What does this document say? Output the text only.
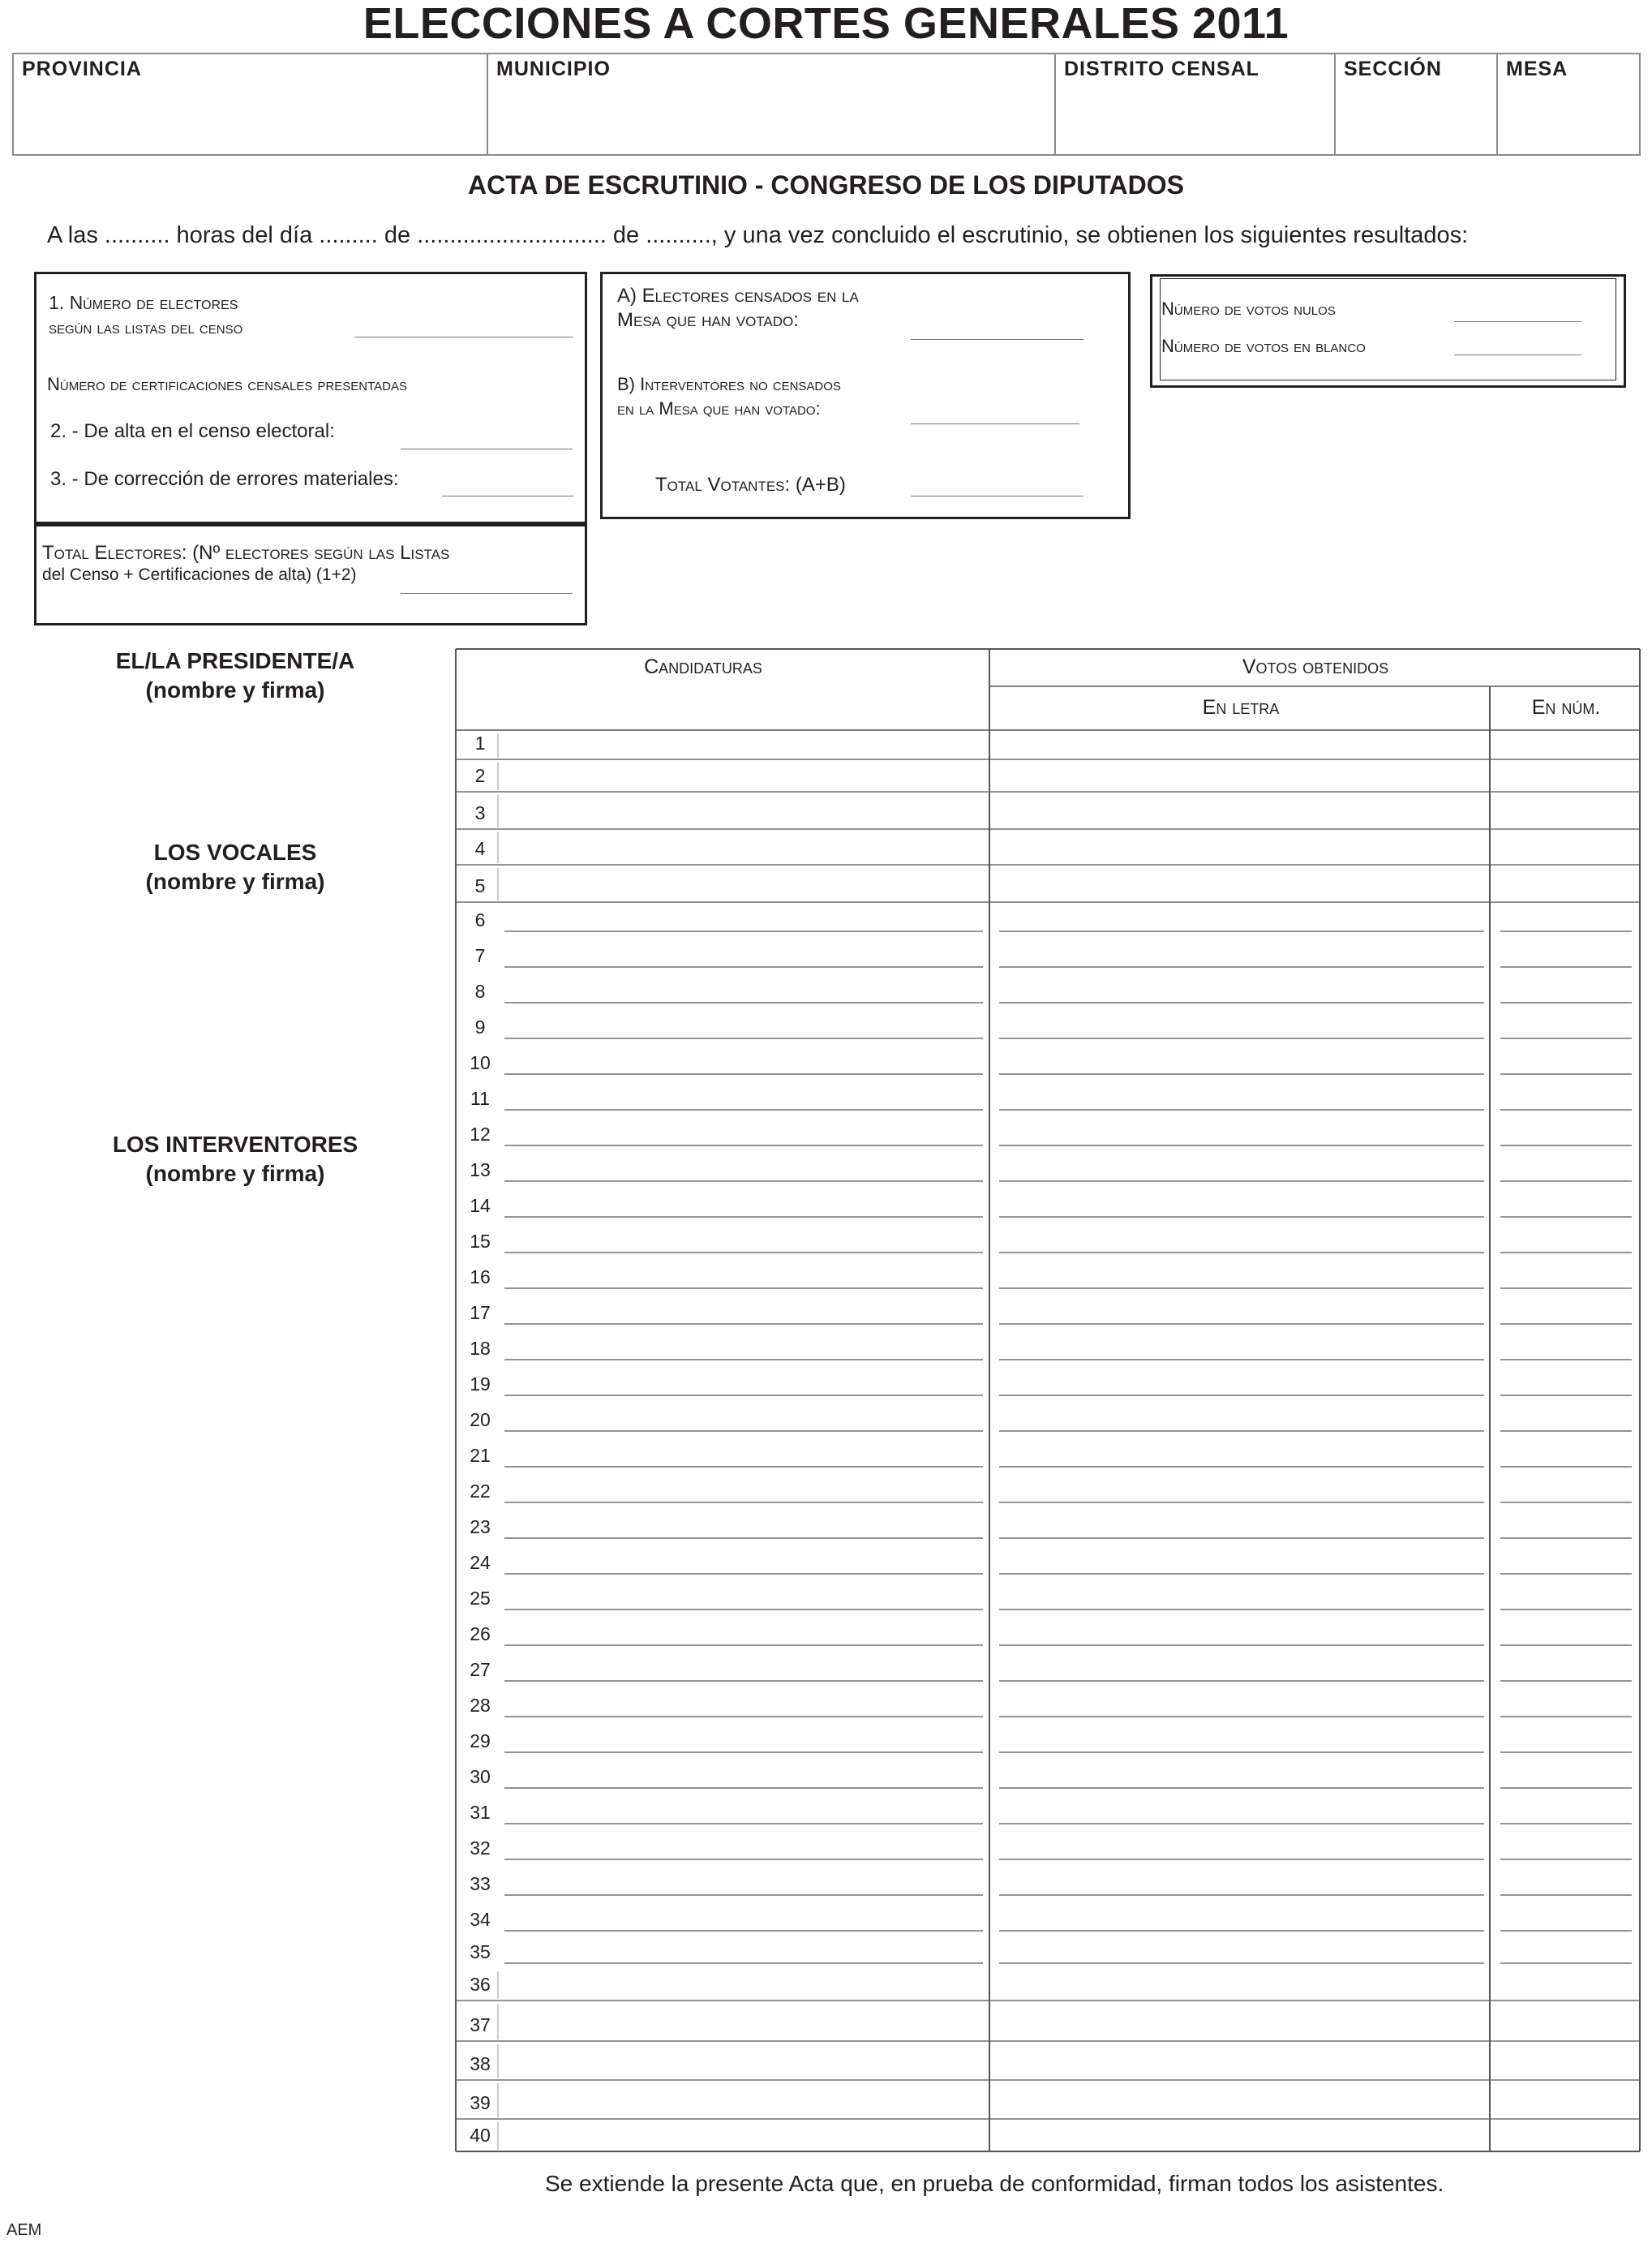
ELECCIONES A CORTES GENERALES 2011
PROVINCIA	MUNICIPIO	DISTRITO CENSAL	SECCIÓN	MESA
ACTA DE ESCRUTINIO - CONGRESO DE LOS DIPUTADOS
A las .......... horas del día ......... de ............................. de .........., y una vez concluido el escrutinio, se obtienen los siguientes resultados:
1. Número de electores
según las listas del censo
Número de certificaciones censales presentadas
2. - De alta en el censo electoral:
3. - De corrección de errores materiales:
Total Electores: (Nº electores según las Listas
del Censo + Certificaciones de alta) (1+2)
A) Electores censados en la
Mesa que han votado:
B) Interventores no censados
en la Mesa que han votado:
Total Votantes: (A+B)
Número de votos nulos
Número de votos en blanco
EL/LA PRESIDENTE/A
(nombre y firma)
LOS VOCALES
(nombre y firma)
LOS INTERVENTORES
(nombre y firma)
Candidaturas	Votos obtenidos
En letra	En núm.
1
2
3
4
5
6
7
8
9
10
11
12
13
14
15
16
17
18
19
20
21
22
23
24
25
26
27
28
29
30
31
32
33
34
35
36
37
38
39
40
Se extiende la presente Acta que, en prueba de conformidad, firman todos los asistentes.
AEM
